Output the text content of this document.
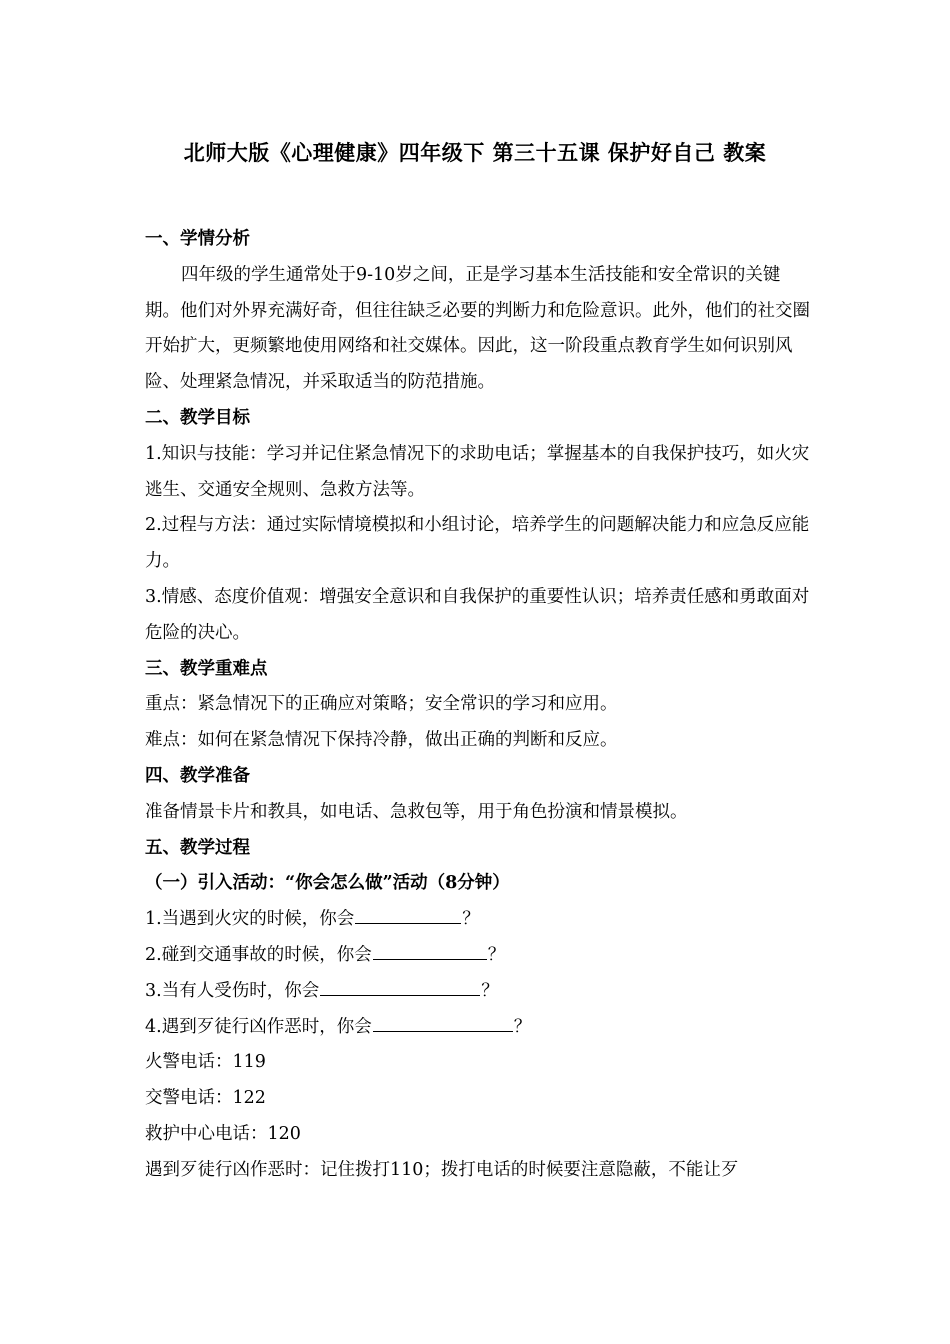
北师大版《心理健康》四年级下 第三十五课 保护好自己 教案

一、学情分析

四年级的学生通常处于9-10岁之间，正是学习基本生活技能和安全常识的关键期。他们对外界充满好奇，但往往缺乏必要的判断力和危险意识。此外，他们的社交圈开始扩大，更频繁地使用网络和社交媒体。因此，这一阶段重点教育学生如何识别风险、处理紧急情况，并采取适当的防范措施。

二、教学目标

1.知识与技能：学习并记住紧急情况下的求助电话；掌握基本的自我保护技巧，如火灾逃生、交通安全规则、急救方法等。

2.过程与方法：通过实际情境模拟和小组讨论，培养学生的问题解决能力和应急反应能力。

3.情感、态度价值观：增强安全意识和自我保护的重要性认识；培养责任感和勇敢面对危险的决心。

三、教学重难点

重点：紧急情况下的正确应对策略；安全常识的学习和应用。

难点：如何在紧急情况下保持冷静，做出正确的判断和反应。

四、教学准备

准备情景卡片和教具，如电话、急救包等，用于角色扮演和情景模拟。

五、教学过程

（一）引入活动：“你会怎么做”活动（8分钟）

1.当遇到火灾的时候，你会	？

2.碰到交通事故的时候，你会	？

3.当有人受伤时，你会	？

4.遇到歹徒行凶作恶时，你会	？

火警电话：119

交警电话：122

救护中心电话：120

遇到歹徒行凶作恶时：记住拨打110；拨打电话的时候要注意隐蔽，不能让歹
